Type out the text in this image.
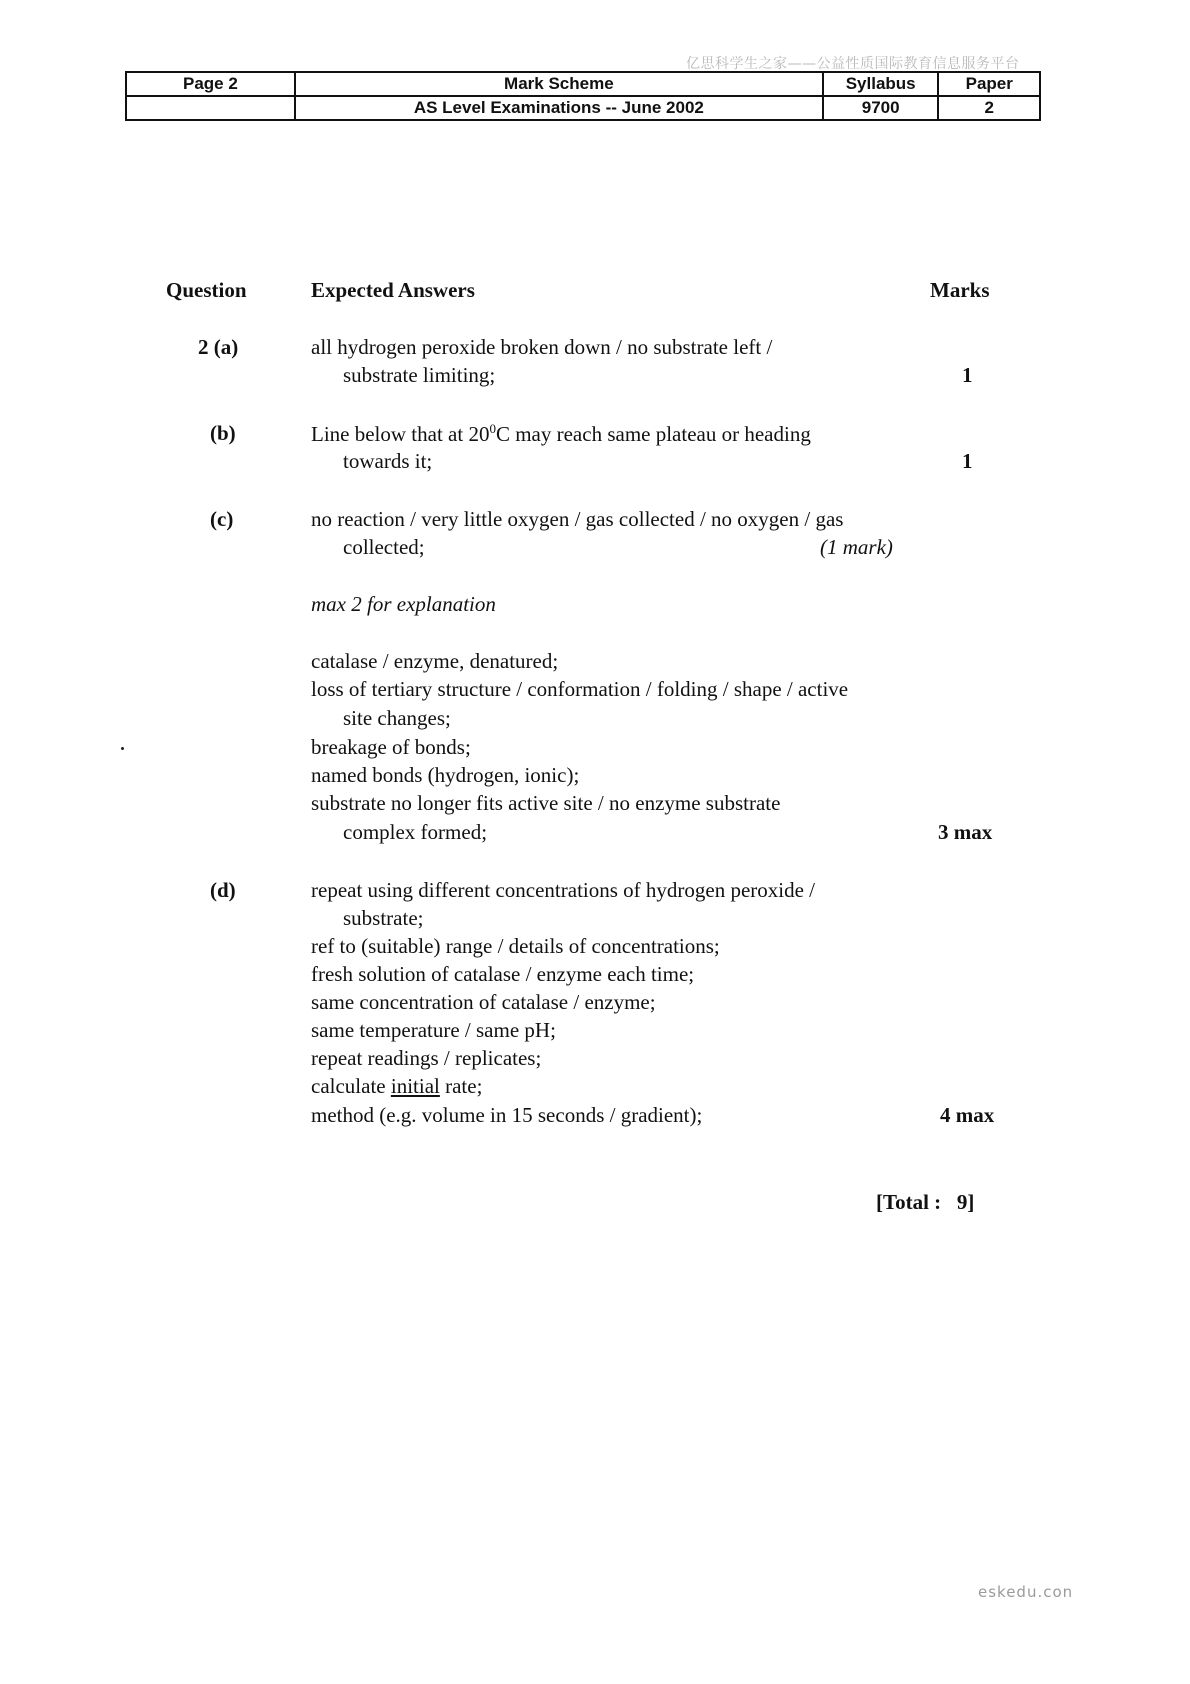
亿思科学生之家——公益性质国际教育信息服务平台
Page 2	Mark Scheme	Syllabus	Paper
	AS Level Examinations -- June 2002	9700	2
Question	Expected Answers	Marks
2 (a)	all hydrogen peroxide broken down / no substrate left /
substrate limiting;	1
(b)	Line below that at $20^0C$ may reach same plateau or heading
towards it;	1
(c)	no reaction / very little oxygen / gas collected / no oxygen / gas
collected;	(1 mark)
max 2 for explanation
catalase / enzyme, denatured;
loss of tertiary structure / conformation / folding / shape / active
site changes;
breakage of bonds;
named bonds (hydrogen, ionic);
substrate no longer fits active site / no enzyme substrate
complex formed;	3 max
(d)	repeat using different concentrations of hydrogen peroxide /
substrate;
ref to (suitable) range / details of concentrations;
fresh solution of catalase / enzyme each time;
same concentration of catalase / enzyme;
same temperature / same pH;
repeat readings / replicates;
calculate initial rate;
method (e.g. volume in 15 seconds / gradient);	4 max
[Total :   9]
eskedu.con
